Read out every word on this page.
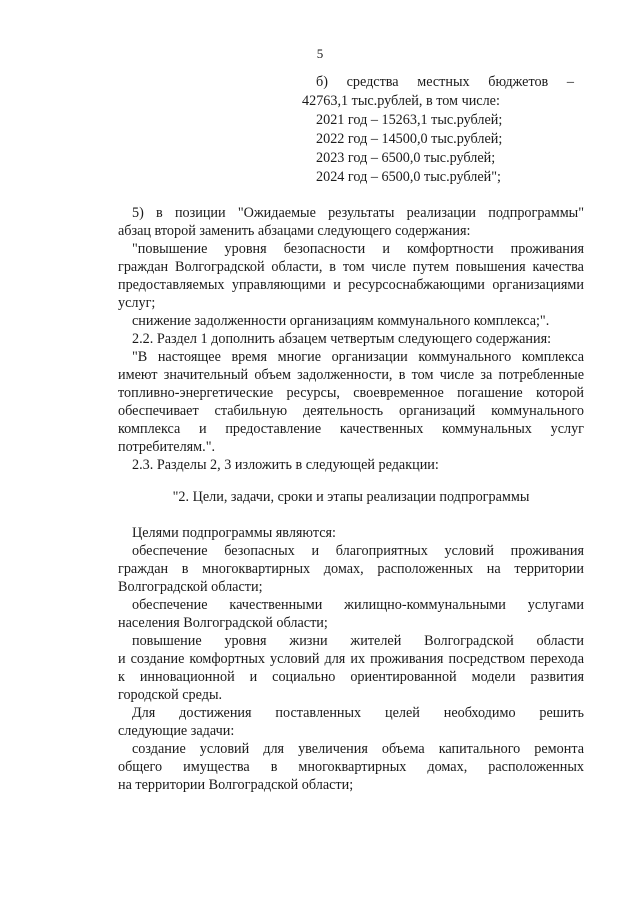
5
б) средства местных бюджетов –
42763,1 тыс.рублей, в том числе:
2021 год – 15263,1 тыс.рублей;
2022 год – 14500,0 тыс.рублей;
2023 год – 6500,0 тыс.рублей;
2024 год – 6500,0 тыс.рублей";
5) в позиции "Ожидаемые результаты реализации подпрограммы"
абзац второй заменить абзацами следующего содержания:
"повышение уровня безопасности и комфортности проживания
граждан Волгоградской области, в том числе путем повышения качества
предоставляемых управляющими и ресурсоснабжающими организациями
услуг;
снижение задолженности организациям коммунального комплекса;".
2.2. Раздел 1 дополнить абзацем четвертым следующего содержания:
"В настоящее время многие организации коммунального комплекса
имеют значительный объем задолженности, в том числе за потребленные
топливно-энергетические ресурсы, своевременное погашение которой
обеспечивает стабильную деятельность организаций коммунального
комплекса и предоставление качественных коммунальных услуг
потребителям.".
2.3. Разделы 2, 3 изложить в следующей редакции:
"2. Цели, задачи, сроки и этапы реализации подпрограммы
Целями подпрограммы являются:
обеспечение безопасных и благоприятных условий проживания
граждан в многоквартирных домах, расположенных на территории
Волгоградской области;
обеспечение качественными жилищно-коммунальными услугами
населения Волгоградской области;
повышение уровня жизни жителей Волгоградской области
и создание комфортных условий для их проживания посредством перехода
к инновационной и социально ориентированной модели развития
городской среды.
Для достижения поставленных целей необходимо решить
следующие задачи:
создание условий для увеличения объема капитального ремонта
общего имущества в многоквартирных домах, расположенных
на территории Волгоградской области;
